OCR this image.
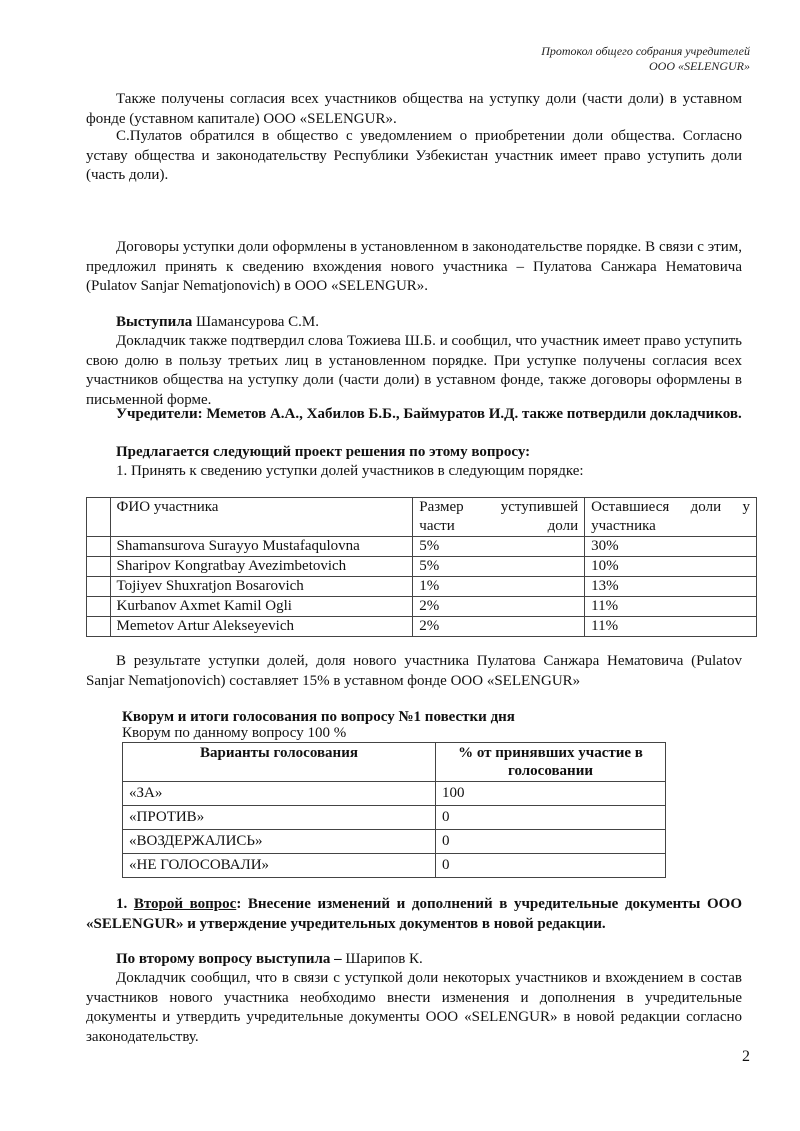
Протокол общего собрания учредителей
ООО «SELENGUR»

Также получены согласия всех участников общества на уступку доли (части доли) в уставном фонде (уставном капитале) ООО «SELENGUR».

С.Пулатов обратился в общество с уведомлением о приобретении доли общества. Согласно уставу общества и законодательству Республики Узбекистан участник имеет право уступить доли (часть доли).

Договоры уступки доли оформлены в установленном в законодательстве порядке. В связи с этим, предложил принять к сведению вхождения нового участника – Пулатова Санжара Нематовича (Pulatov Sanjar Nematjonovich) в ООО «SELENGUR».

Выступила Шамансурова С.М.

Докладчик также подтвердил слова Тожиева Ш.Б. и сообщил, что участник имеет право уступить свою долю в пользу третьих лиц в установленном порядке. При уступке получены согласия всех участников общества на уступку доли (части доли) в уставном фонде, также договоры оформлены в письменной форме.

Учредители: Меметов А.А., Хабилов Б.Б., Баймуратов И.Д. также потвердили докладчиков.

Предлагается следующий проект решения по этому вопросу:

1. Принять к сведению уступки долей участников в следующим порядке:

	ФИО участника	Размер уступившей части доли	Оставшиеся доли у участника
	Shamansurova Surayyo Mustafaqulovna	5%	30%
	Sharipov Kongratbay Avezimbetovich	5%	10%
	Tojiyev Shuxratjon Bosarovich	1%	13%
	Kurbanov Axmet Kamil Ogli	2%	11%
	Memetov Artur Alekseyevich	2%	11%

В результате уступки долей, доля нового участника Пулатова Санжара Нематовича (Pulatov Sanjar Nematjonovich) составляет 15% в уставном фонде ООО «SELENGUR»

Кворум и итоги голосования по вопросу №1 повестки дня

Кворум по данному вопросу 100 %

Варианты голосования	% от принявших участие в голосовании
«ЗА»	100
«ПРОТИВ»	0
«ВОЗДЕРЖАЛИСЬ»	0
«НЕ ГОЛОСОВАЛИ»	0

1. Второй вопрос: Внесение изменений и дополнений в учредительные документы ООО «SELENGUR» и утверждение учредительных документов в новой редакции.

По второму вопросу выступила – Шарипов К.

Докладчик сообщил, что в связи с уступкой доли некоторых участников и вхождением в состав участников нового участника необходимо внести изменения и дополнения в учредительные документы и утвердить учредительные документы ООО «SELENGUR» в новой редакции согласно законодательству.

2
